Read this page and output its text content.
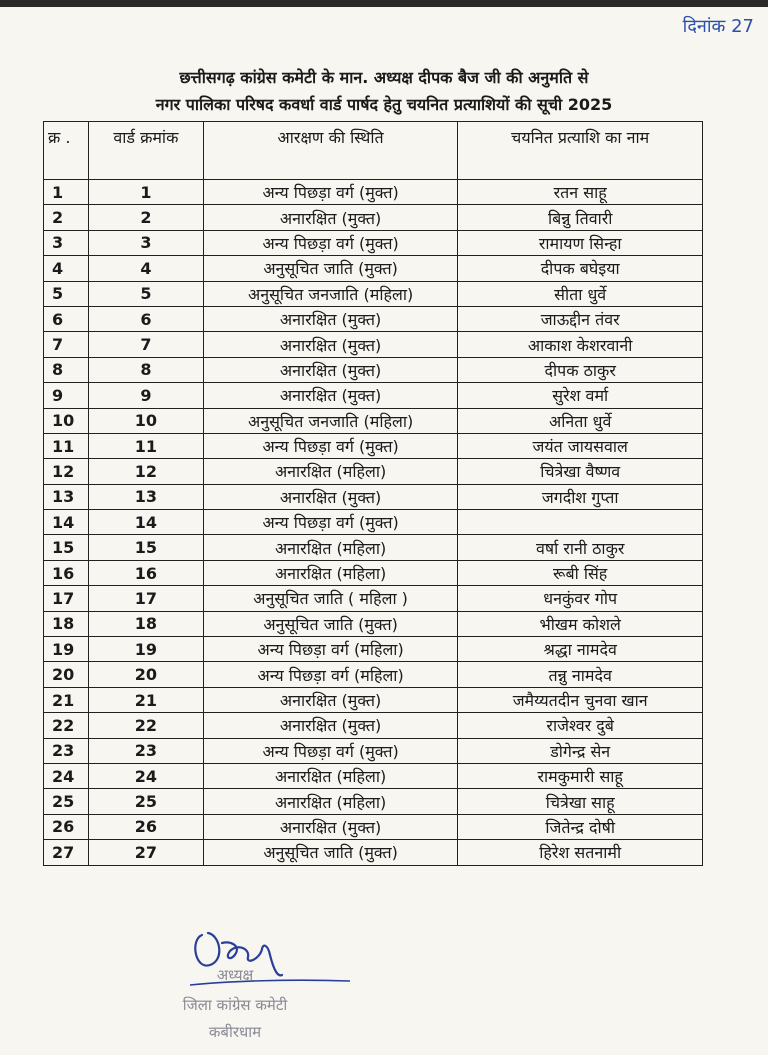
दिनांक 27
छत्तीसगढ़ कांग्रेस कमेटी के मान. अध्यक्ष दीपक बैज जी की अनुमति से
नगर पालिका परिषद कवर्धा वार्ड पार्षद हेतु चयनित प्रत्याशियों की सूची 2025
क्र .	वार्ड क्रमांक	आरक्षण की स्थिति	चयनित प्रत्याशि का नाम
1	1	अन्य पिछड़ा वर्ग (मुक्त)	रतन साहू
2	2	अनारक्षित (मुक्त)	बिन्नु तिवारी
3	3	अन्य पिछड़ा वर्ग (मुक्त)	रामायण सिन्हा
4	4	अनुसूचित जाति (मुक्त)	दीपक बघेइया
5	5	अनुसूचित जनजाति (महिला)	सीता धुर्वे
6	6	अनारक्षित (मुक्त)	जाऊद्दीन तंवर
7	7	अनारक्षित (मुक्त)	आकाश केशरवानी
8	8	अनारक्षित (मुक्त)	दीपक ठाकुर
9	9	अनारक्षित (मुक्त)	सुरेश वर्मा
10	10	अनुसूचित जनजाति (महिला)	अनिता धुर्वे
11	11	अन्य पिछड़ा वर्ग (मुक्त)	जयंत जायसवाल
12	12	अनारक्षित (महिला)	चित्रेखा वैष्णव
13	13	अनारक्षित (मुक्त)	जगदीश गुप्ता
14	14	अन्य पिछड़ा वर्ग (मुक्त)	
15	15	अनारक्षित (महिला)	वर्षा रानी ठाकुर
16	16	अनारक्षित (महिला)	रूबी सिंह
17	17	अनुसूचित जाति ( महिला )	धनकुंवर गोप
18	18	अनुसूचित जाति (मुक्त)	भीखम कोशले
19	19	अन्य पिछड़ा वर्ग (महिला)	श्रद्धा नामदेव
20	20	अन्य पिछड़ा वर्ग (महिला)	तन्नु नामदेव
21	21	अनारक्षित (मुक्त)	जमैय्यतदीन चुनवा खान
22	22	अनारक्षित (मुक्त)	राजेश्वर दुबे
23	23	अन्य पिछड़ा वर्ग (मुक्त)	डोगेन्द्र सेन
24	24	अनारक्षित (महिला)	रामकुमारी साहू
25	25	अनारक्षित (महिला)	चित्रेखा साहू
26	26	अनारक्षित (मुक्त)	जितेन्द्र दोषी
27	27	अनुसूचित जाति (मुक्त)	हिरेश सतनामी
अध्यक्ष
जिला कांग्रेस कमेटी
कबीरधाम
